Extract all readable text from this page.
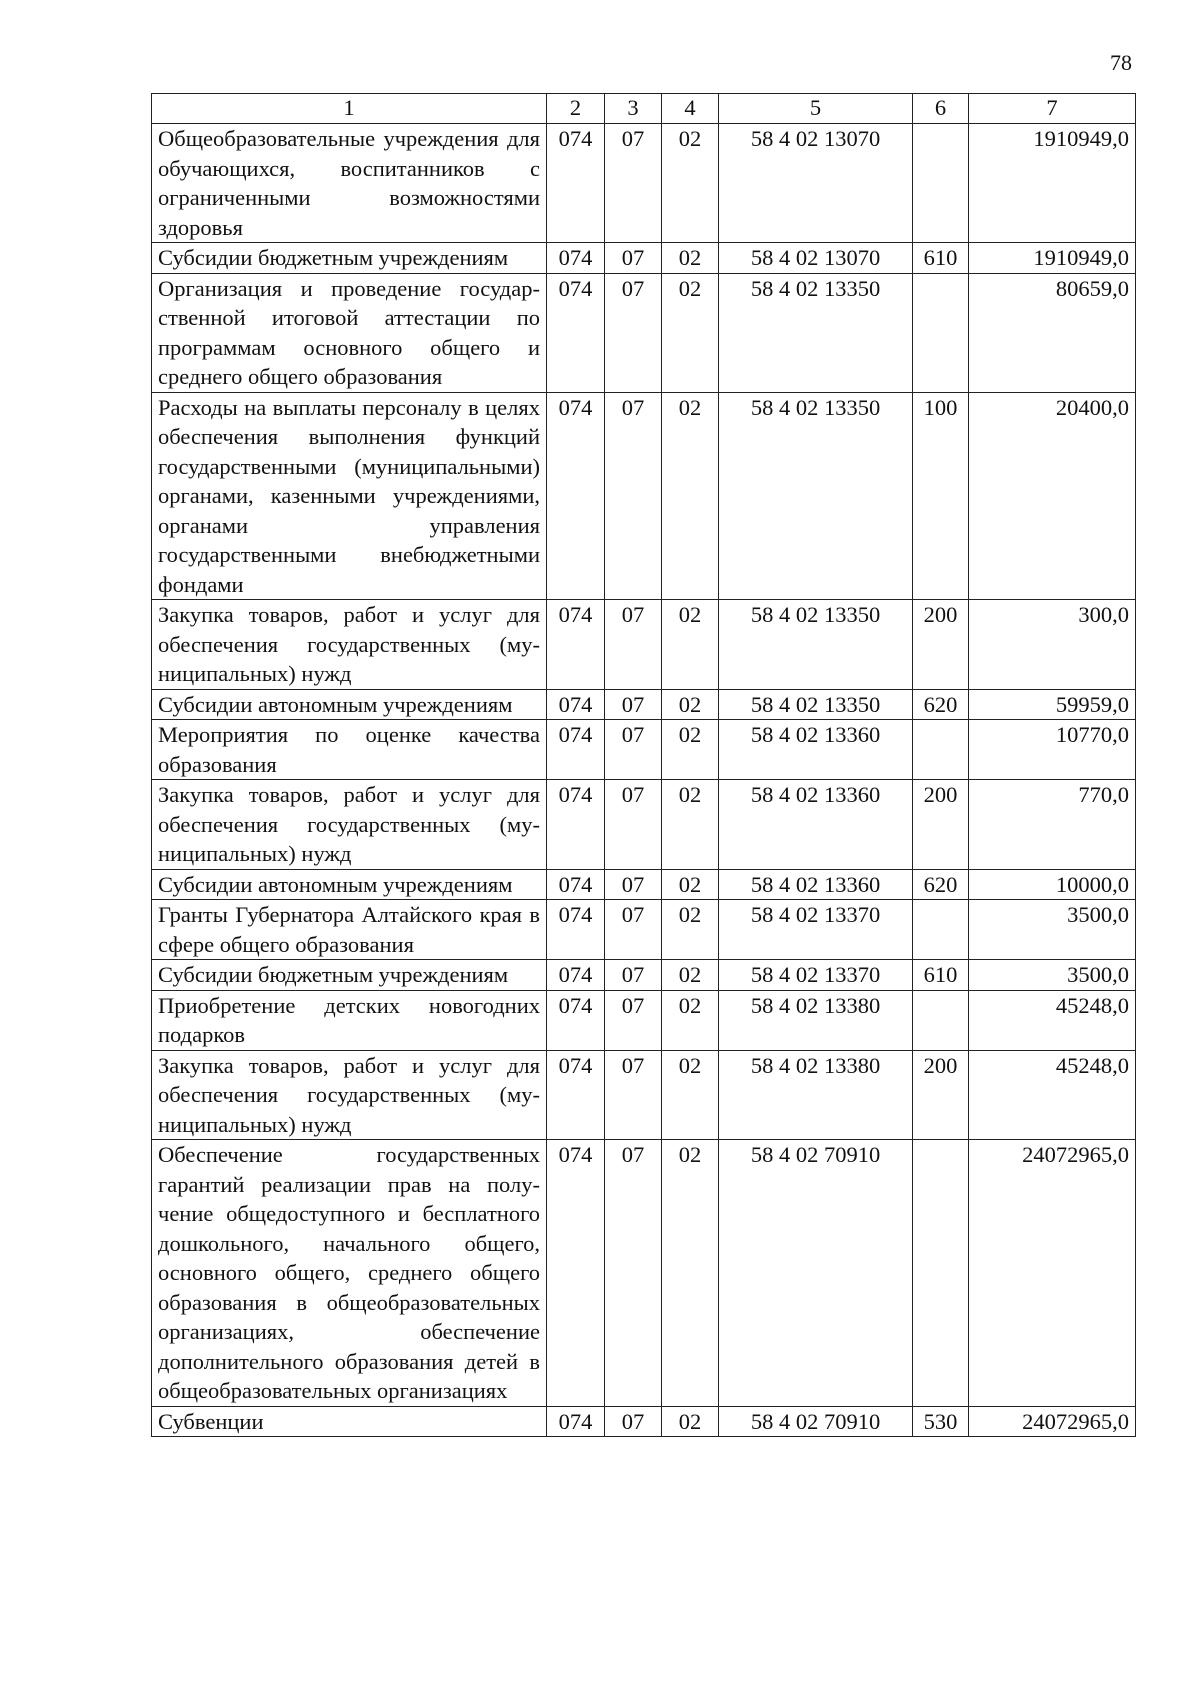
78
1	2	3	4	5	6	7
Общеобразовательные учреждения для обучающихся, воспитанников с ограниченными возможностями здоровья	074	07	02	58 4 02 13070		1910949,0
Субсидии бюджетным учреждениям	074	07	02	58 4 02 13070	610	1910949,0
Организация и проведение государственной итоговой аттестации по программам основного общего и среднего общего образования	074	07	02	58 4 02 13350		80659,0
Расходы на выплаты персоналу в целях обеспечения выполнения функций государственными (муниципальными) органами, казенными учреждениями, органами управления государственными внебюджетными фондами	074	07	02	58 4 02 13350	100	20400,0
Закупка товаров, работ и услуг для обеспечения государственных (муниципальных) нужд	074	07	02	58 4 02 13350	200	300,0
Субсидии автономным учреждениям	074	07	02	58 4 02 13350	620	59959,0
Мероприятия по оценке качества образования	074	07	02	58 4 02 13360		10770,0
Закупка товаров, работ и услуг для обеспечения государственных (муниципальных) нужд	074	07	02	58 4 02 13360	200	770,0
Субсидии автономным учреждениям	074	07	02	58 4 02 13360	620	10000,0
Гранты Губернатора Алтайского края в сфере общего образования	074	07	02	58 4 02 13370		3500,0
Субсидии бюджетным учреждениям	074	07	02	58 4 02 13370	610	3500,0
Приобретение детских новогодних подарков	074	07	02	58 4 02 13380		45248,0
Закупка товаров, работ и услуг для обеспечения государственных (муниципальных) нужд	074	07	02	58 4 02 13380	200	45248,0
Обеспечение государственных гарантий реализации прав на получение общедоступного и бесплатного дошкольного, начального общего, основного общего, среднего общего образования в общеобразовательных организациях, обеспечение дополнительного образования детей в общеобразовательных организациях	074	07	02	58 4 02 70910		24072965,0
Субвенции	074	07	02	58 4 02 70910	530	24072965,0
